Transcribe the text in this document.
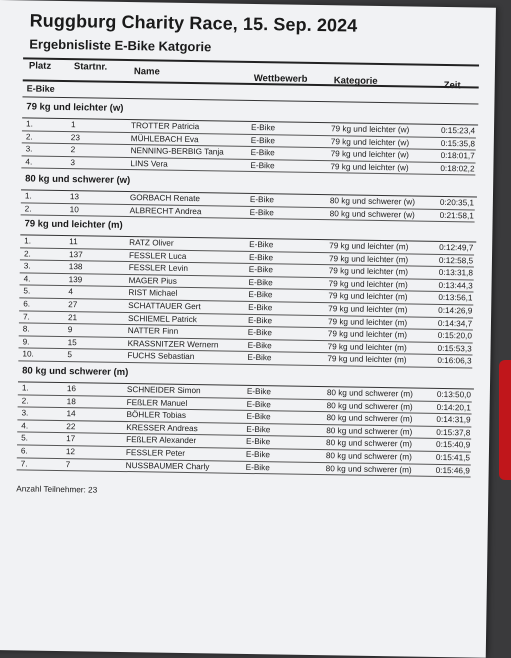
Ruggburg Charity Race, 15. Sep. 2024
Ergebnisliste E-Bike Katgorie
Platz Startnr.	Name
Wettbewerb	Kategorie	Zeit
E-Bike
79 kg und leichter (w)
1.	1	TROTTER Patricia	E-Bike	79 kg und leichter (w)	0:15:23,4
2.	23	MÜHLEBACH Eva	E-Bike	79 kg und leichter (w)	0:15:35,8
3.	2	NENNING-BERBIG Tanja	E-Bike	79 kg und leichter (w)	0:18:01,7
4.	3	LINS Vera	E-Bike	79 kg und leichter (w)	0:18:02,2
80 kg und schwerer (w)
1.	13	GORBACH Renate	E-Bike	80 kg und schwerer (w)	0:20:35,1
2.	10	ALBRECHT Andrea	E-Bike	80 kg und schwerer (w)	0:21:58,1
79 kg und leichter (m)
1.	11	RATZ Oliver	E-Bike	79 kg und leichter (m)	0:12:49,7
2.	137	FESSLER Luca	E-Bike	79 kg und leichter (m)	0:12:58,5
3.	138	FESSLER Levin	E-Bike	79 kg und leichter (m)	0:13:31,8
4.	139	MAGER Pius	E-Bike	79 kg und leichter (m)	0:13:44,3
5.	4	RIST Michael	E-Bike	79 kg und leichter (m)	0:13:56,1
6.	27	SCHATTAUER Gert	E-Bike	79 kg und leichter (m)	0:14:26,9
7.	21	SCHIEMEL Patrick	E-Bike	79 kg und leichter (m)	0:14:34,7
8.	9	NATTER Finn	E-Bike	79 kg und leichter (m)	0:15:20,0
9.	15	KRASSNITZER Wernern	E-Bike	79 kg und leichter (m)	0:15:53,3
10.	5	FUCHS Sebastian	E-Bike	79 kg und leichter (m)	0:16:06,3
80 kg und schwerer (m)
1.	16	SCHNEIDER Simon	E-Bike	80 kg und schwerer (m)	0:13:50,0
2.	18	FEßLER Manuel	E-Bike	80 kg und schwerer (m)	0:14:20,1
3.	14	BÖHLER Tobias	E-Bike	80 kg und schwerer (m)	0:14:31,9
4.	22	KRESSER Andreas	E-Bike	80 kg und schwerer (m)	0:15:37,8
5.	17	FEßLER Alexander	E-Bike	80 kg und schwerer (m)	0:15:40,9
6.	12	FESSLER Peter	E-Bike	80 kg und schwerer (m)	0:15:41,5
7.	7	NUSSBAUMER Charly	E-Bike	80 kg und schwerer (m)	0:15:46,9
Anzahl Teilnehmer: 23
